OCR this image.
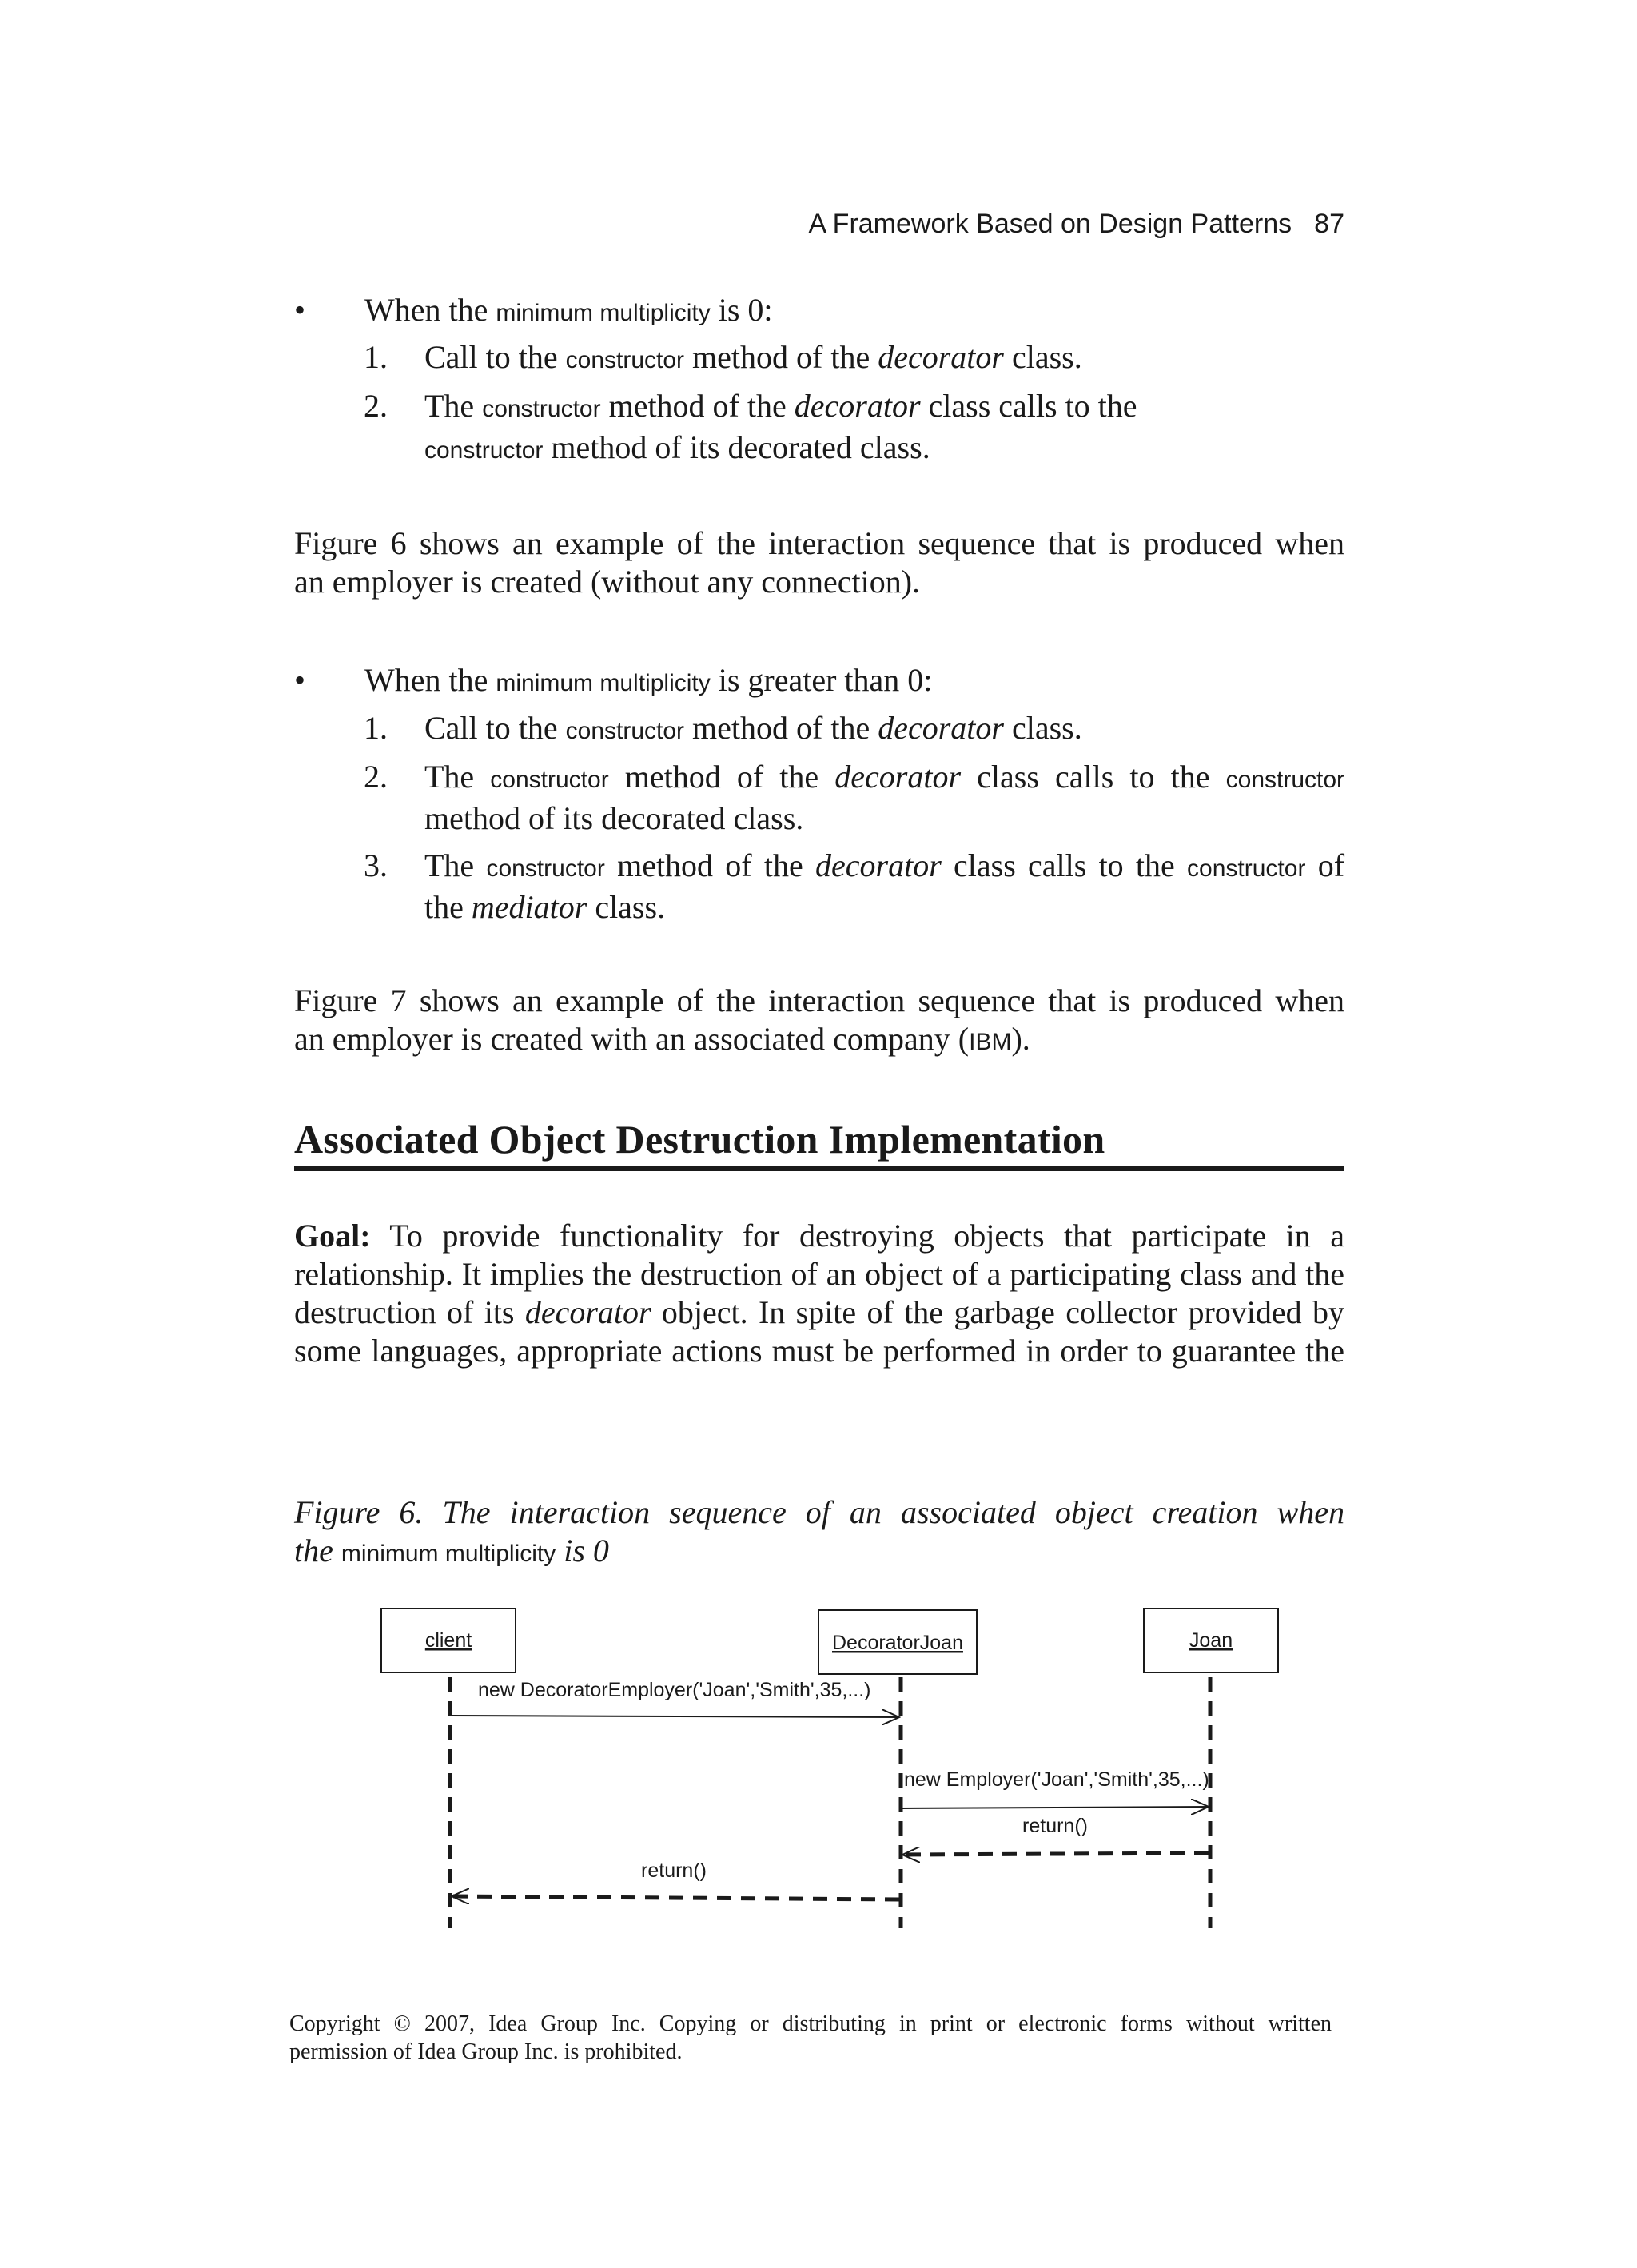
A Framework Based on Design Patterns 87
• When the minimum multiplicity is 0:
1. Call to the constructor method of the decorator class.
2. The constructor method of the decorator class calls to the
constructor method of its decorated class.
Figure 6 shows an example of the interaction sequence that is produced when
an employer is created (without any connection).
• When the minimum multiplicity is greater than 0:
1. Call to the constructor method of the decorator class.
2. The constructor method of the decorator class calls to the constructor
method of its decorated class.
3. The constructor method of the decorator class calls to the constructor of
the mediator class.
Figure 7 shows an example of the interaction sequence that is produced when
an employer is created with an associated company (IBM).
Associated Object Destruction Implementation
Goal: To provide functionality for destroying objects that participate in a
relationship. It implies the destruction of an object of a participating class and the
destruction of its decorator object. In spite of the garbage collector provided by
some languages, appropriate actions must be performed in order to guarantee the
Figure 6. The interaction sequence of an associated object creation when
the minimum multiplicity is 0
client	DecoratorJoan	Joan
new DecoratorEmployer('Joan','Smith',35,...)
new Employer('Joan','Smith',35,...)
return()
return()
Copyright © 2007, Idea Group Inc. Copying or distributing in print or electronic forms without written
permission of Idea Group Inc. is prohibited.
